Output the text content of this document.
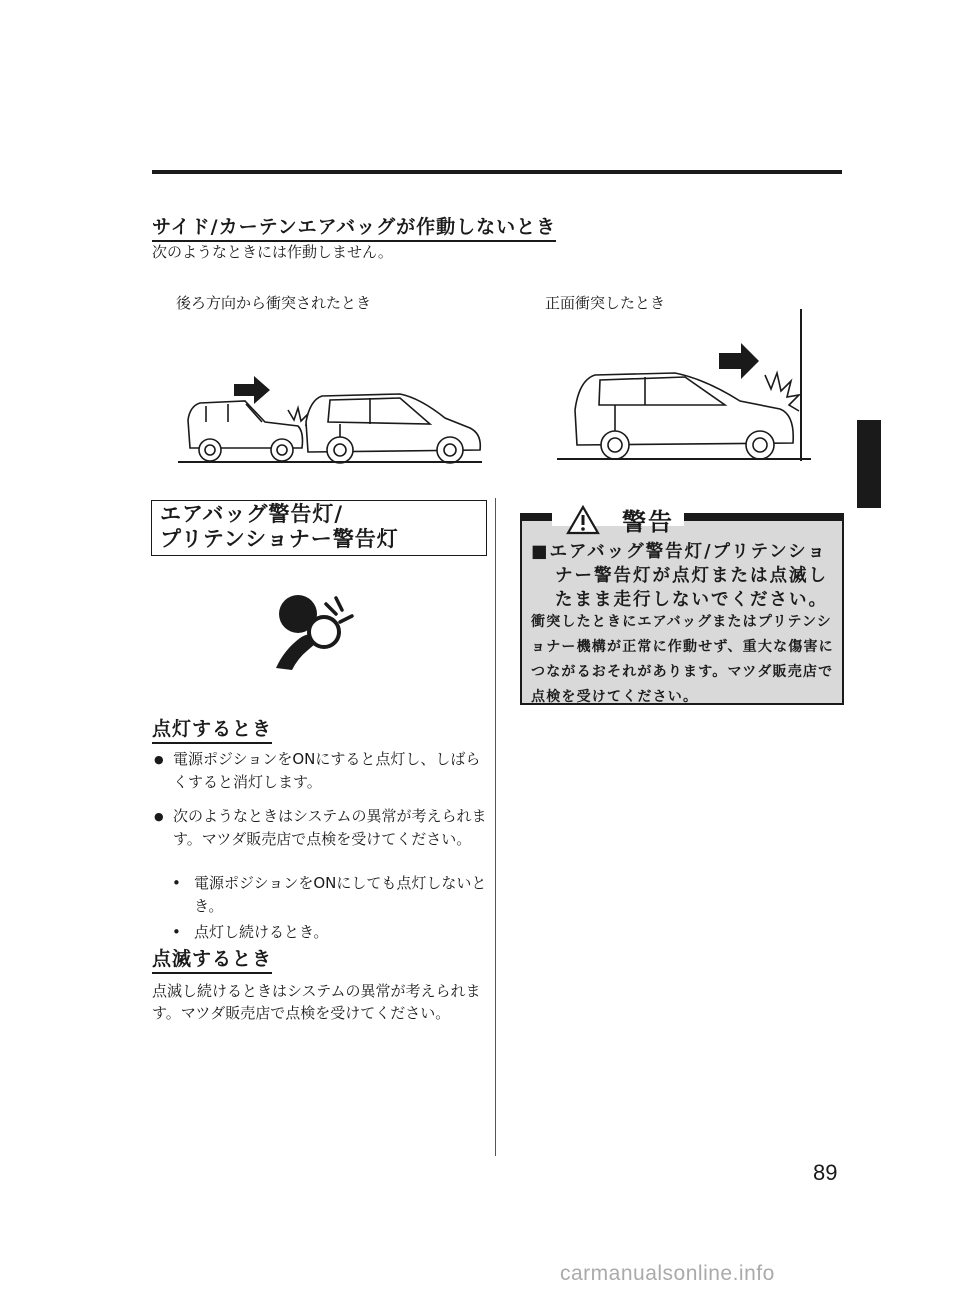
サイド/カーテンエアバッグが作動しないとき
次のようなときには作動しません。
後ろ方向から衝突されたとき	正面衝突したとき
エアバッグ警告灯/
プリテンショナー警告灯
点灯するとき
● 電源ポジションをONにすると点灯し、しばらくすると消灯します。
● 次のようなときはシステムの異常が考えられます。マツダ販売店で点検を受けてください。
• 電源ポジションをONにしても点灯しないとき。
• 点灯し続けるとき。
点滅するとき
点滅し続けるときはシステムの異常が考えられます。マツダ販売店で点検を受けてください。
警告
■エアバッグ警告灯/プリテンショ
ナー警告灯が点灯または点滅し
たまま走行しないでください。
衝突したときにエアバッグまたはプリテンショナー機構が正常に作動せず、重大な傷害につながるおそれがあります。マツダ販売店で点検を受けてください。
89
carmanualsonline.info
